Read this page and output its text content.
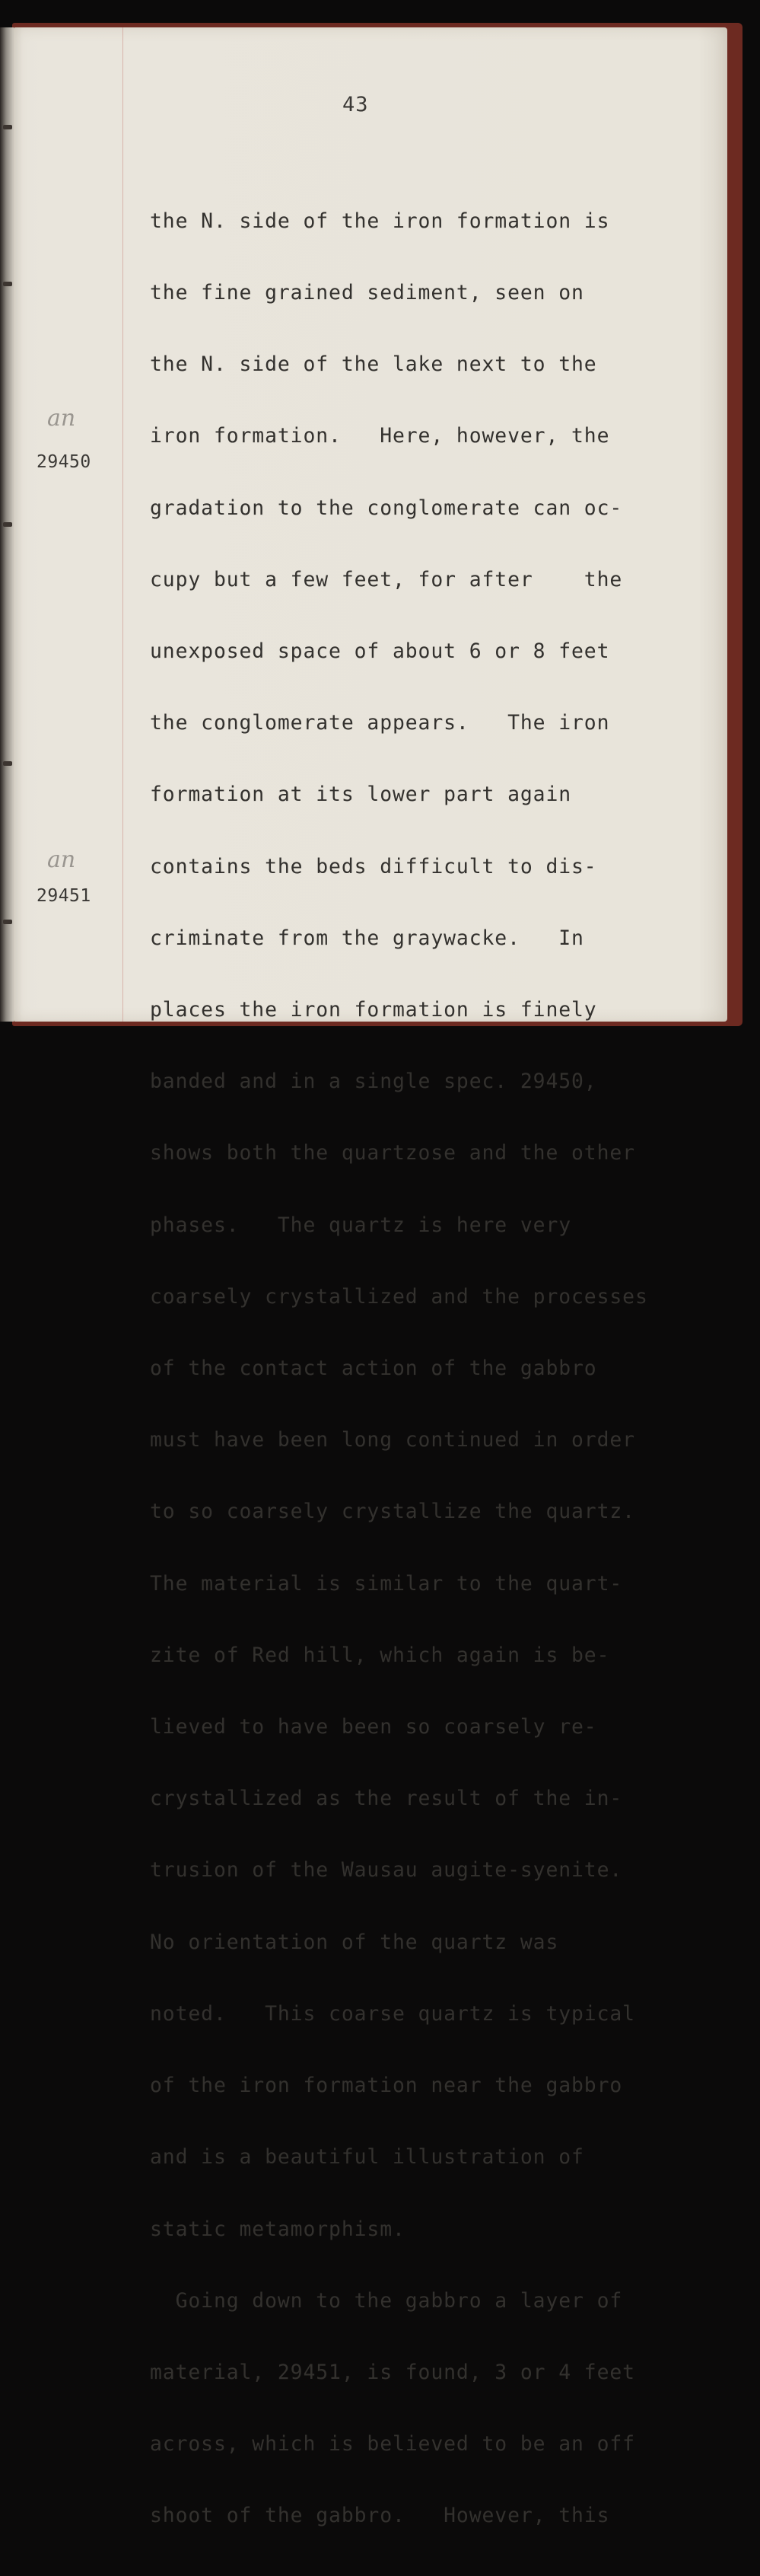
43
an
29450
an
29451

the N. side of the iron formation is

the fine grained sediment, seen on

the N. side of the lake next to the

iron formation.   Here, however, the

gradation to the conglomerate can oc-

cupy but a few feet, for after    the

unexposed space of about 6 or 8 feet

the conglomerate appears.   The iron

formation at its lower part again

contains the beds difficult to dis-

criminate from the graywacke.   In

places the iron formation is finely

banded and in a single spec. 29450,

shows both the quartzose and the other

phases.   The quartz is here very

coarsely crystallized and the processes

of the contact action of the gabbro

must have been long continued in order

to so coarsely crystallize the quartz.

The material is similar to the quart-

zite of Red hill, which again is be-

lieved to have been so coarsely re-

crystallized as the result of the in-

trusion of the Wausau augite-syenite.

No orientation of the quartz was

noted.   This coarse quartz is typical

of the iron formation near the gabbro

and is a beautiful illustration of

static metamorphism.

Going down to the gabbro a layer of

material, 29451, is found, 3 or 4 feet

across, which is believed to be an off

shoot of the gabbro.   However, this
